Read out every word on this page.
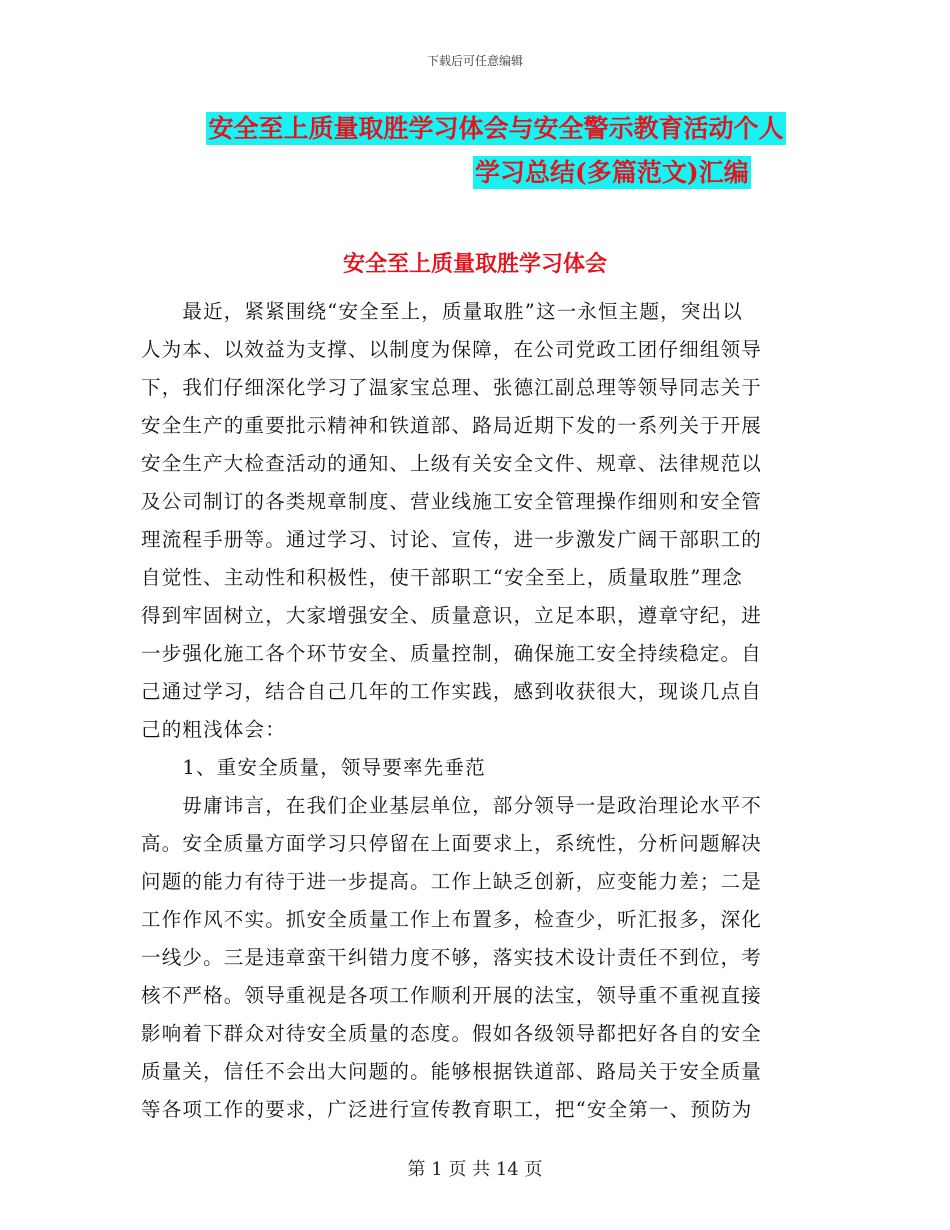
下载后可任意编辑
安全至上质量取胜学习体会与安全警示教育活动个人
学习总结(多篇范文)汇编
安全至上质量取胜学习体会
　　最近，紧紧围绕“安全至上，质量取胜”这一永恒主题，突出以
人为本、以效益为支撑、以制度为保障，在公司党政工团仔细组领导
下，我们仔细深化学习了温家宝总理、张德江副总理等领导同志关于
安全生产的重要批示精神和铁道部、路局近期下发的一系列关于开展
安全生产大检查活动的通知、上级有关安全文件、规章、法律规范以
及公司制订的各类规章制度、营业线施工安全管理操作细则和安全管
理流程手册等。通过学习、讨论、宣传，进一步激发广阔干部职工的
自觉性、主动性和积极性，使干部职工“安全至上，质量取胜”理念
得到牢固树立，大家增强安全、质量意识，立足本职，遵章守纪，进
一步强化施工各个环节安全、质量控制，确保施工安全持续稳定。自
己通过学习，结合自己几年的工作实践，感到收获很大，现谈几点自
己的粗浅体会：
　　1、重安全质量，领导要率先垂范
　　毋庸讳言，在我们企业基层单位，部分领导一是政治理论水平不
高。安全质量方面学习只停留在上面要求上，系统性，分析问题解决
问题的能力有待于进一步提高。工作上缺乏创新，应变能力差；二是
工作作风不实。抓安全质量工作上布置多，检查少，听汇报多，深化
一线少。三是违章蛮干纠错力度不够，落实技术设计责任不到位，考
核不严格。领导重视是各项工作顺利开展的法宝，领导重不重视直接
影响着下群众对待安全质量的态度。假如各级领导都把好各自的安全
质量关，信任不会出大问题的。能够根据铁道部、路局关于安全质量
等各项工作的要求，广泛进行宣传教育职工，把“安全第一、预防为
第 1 页 共 14 页
